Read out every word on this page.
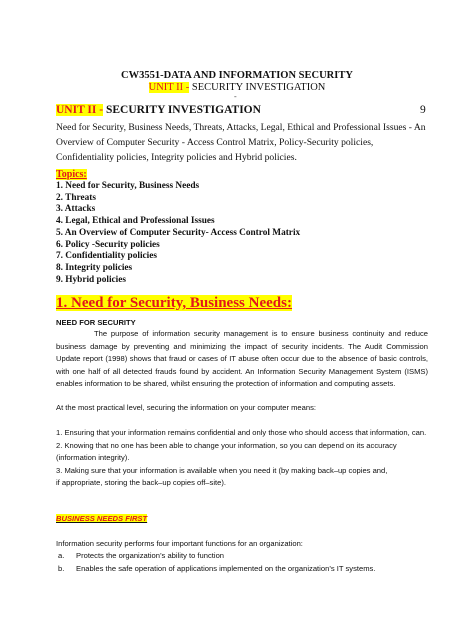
CW3551-DATA AND INFORMATION SECURITY
UNIT II - SECURITY INVESTIGATION
-
UNIT II - SECURITY INVESTIGATION	9
Need for Security, Business Needs, Threats, Attacks, Legal, Ethical and Professional Issues - An Overview of Computer Security - Access Control Matrix, Policy-Security policies, Confidentiality policies, Integrity policies and Hybrid policies.
Topics:
1. Need for Security, Business Needs
2. Threats
3. Attacks
4. Legal, Ethical and Professional Issues
5. An Overview of Computer Security- Access Control Matrix
6. Policy -Security policies
7. Confidentiality policies
8. Integrity policies
9. Hybrid policies
1. Need for Security, Business Needs:
NEED FOR SECURITY

The purpose of information security management is to ensure business continuity and reduce business damage by preventing and minimizing the impact of security incidents. The Audit Commission Update report (1998) shows that fraud or cases of IT abuse often occur due to the absence of basic controls, with one half of all detected frauds found by accident. An Information Security Management System (ISMS) enables information to be shared, whilst ensuring the protection of information and computing assets.

At the most practical level, securing the information on your computer means:

1. Ensuring that your information remains confidential and only those who should access that information, can.
2. Knowing that no one has been able to change your information, so you can depend on its accuracy (information integrity).
3. Making sure that your information is available when you need it (by making back–up copies and,
if appropriate, storing the back–up copies off–site).
BUSINESS NEEDS FIRST

Information security performs four important functions for an organization:

a.	Protects the organization’s ability to function
b.	Enables the safe operation of applications implemented on the organization’s IT systems.
